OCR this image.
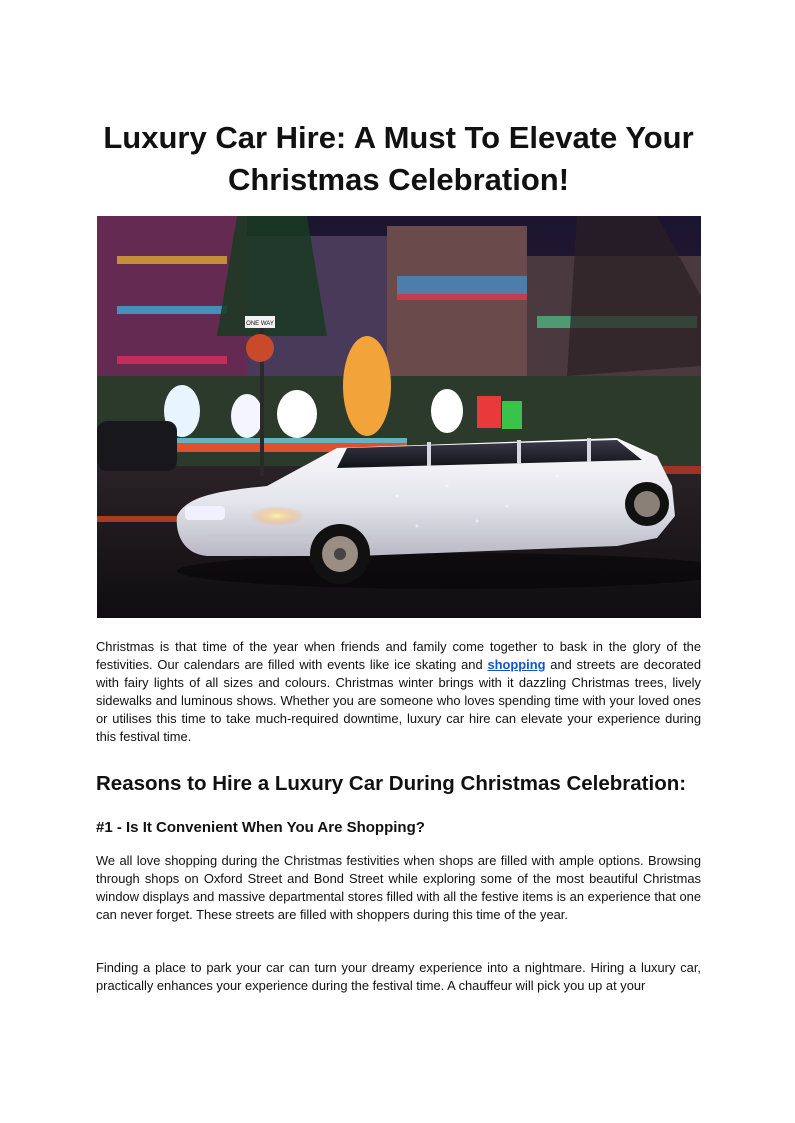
Luxury Car Hire: A Must To Elevate Your Christmas Celebration!
ONE WAY

Christmas is that time of the year when friends and family come together to bask in the glory of the festivities. Our calendars are filled with events like ice skating and shopping and streets are decorated with fairy lights of all sizes and colours. Christmas winter brings with it dazzling Christmas trees, lively sidewalks and luminous shows. Whether you are someone who loves spending time with your loved ones or utilises this time to take much-required downtime, luxury car hire can elevate your experience during this festival time.

Reasons to Hire a Luxury Car During Christmas Celebration:
#1 - Is It Convenient When You Are Shopping?

We all love shopping during the Christmas festivities when shops are filled with ample options. Browsing through shops on Oxford Street and Bond Street while exploring some of the most beautiful Christmas window displays and massive departmental stores filled with all the festive items is an experience that one can never forget. These streets are filled with shoppers during this time of the year.

Finding a place to park your car can turn your dreamy experience into a nightmare. Hiring a luxury car, practically enhances your experience during the festival time. A chauffeur will pick you up at your
